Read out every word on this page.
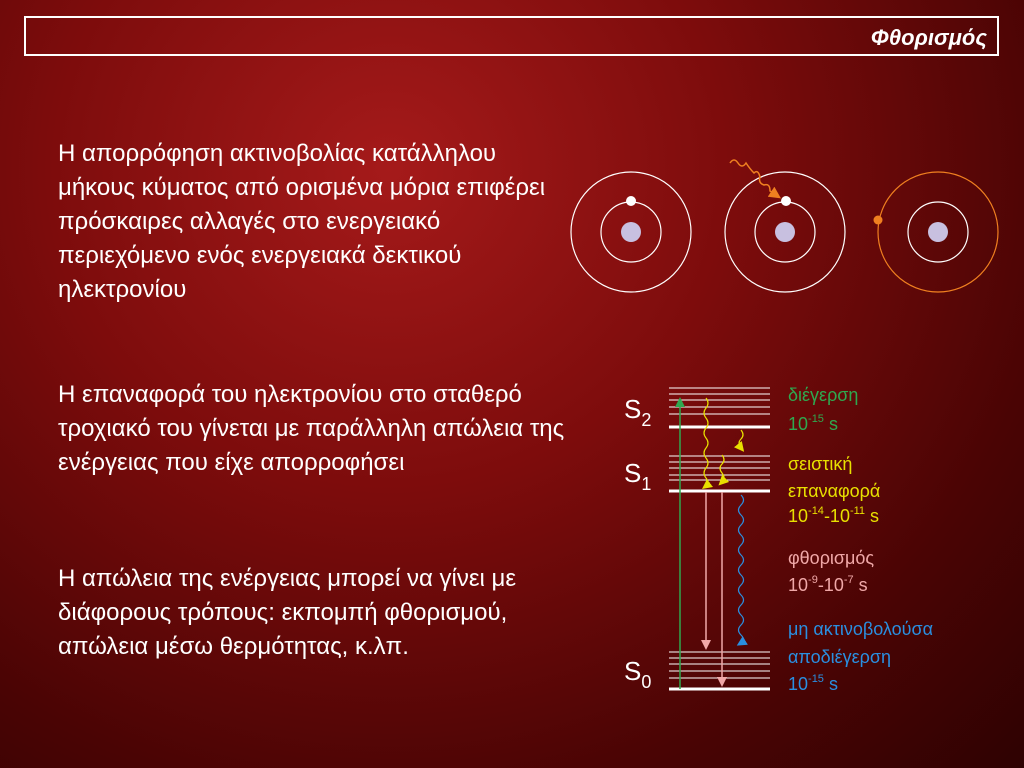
Φθορισμός
Η απορρόφηση ακτινοβολίας κατάλληλου μήκους κύματος από ορισμένα μόρια επιφέρει πρόσκαιρες αλλαγές στο ενεργειακό περιεχόμενο ενός ενεργειακά δεκτικού ηλεκτρονίου
Η επαναφορά του ηλεκτρονίου στο σταθερό τροχιακό του γίνεται με παράλληλη απώλεια της ενέργειας που είχε απορροφήσει
Η απώλεια της ενέργειας μπορεί να γίνει με διάφορους τρόπους: εκπομπή φθορισμού, απώλεια μέσω θερμότητας, κ.λπ.
$S_2$
$S_1$
$S_0$
διέγερση
$10^{-15}$ s
σειστική
επαναφορά
$10^{-14}-10^{-11}$ s
φθορισμός
$10^{-9}-10^{-7}$ s
μη ακτινοβολούσα
αποδιέγερση
$10^{-15}$ s
